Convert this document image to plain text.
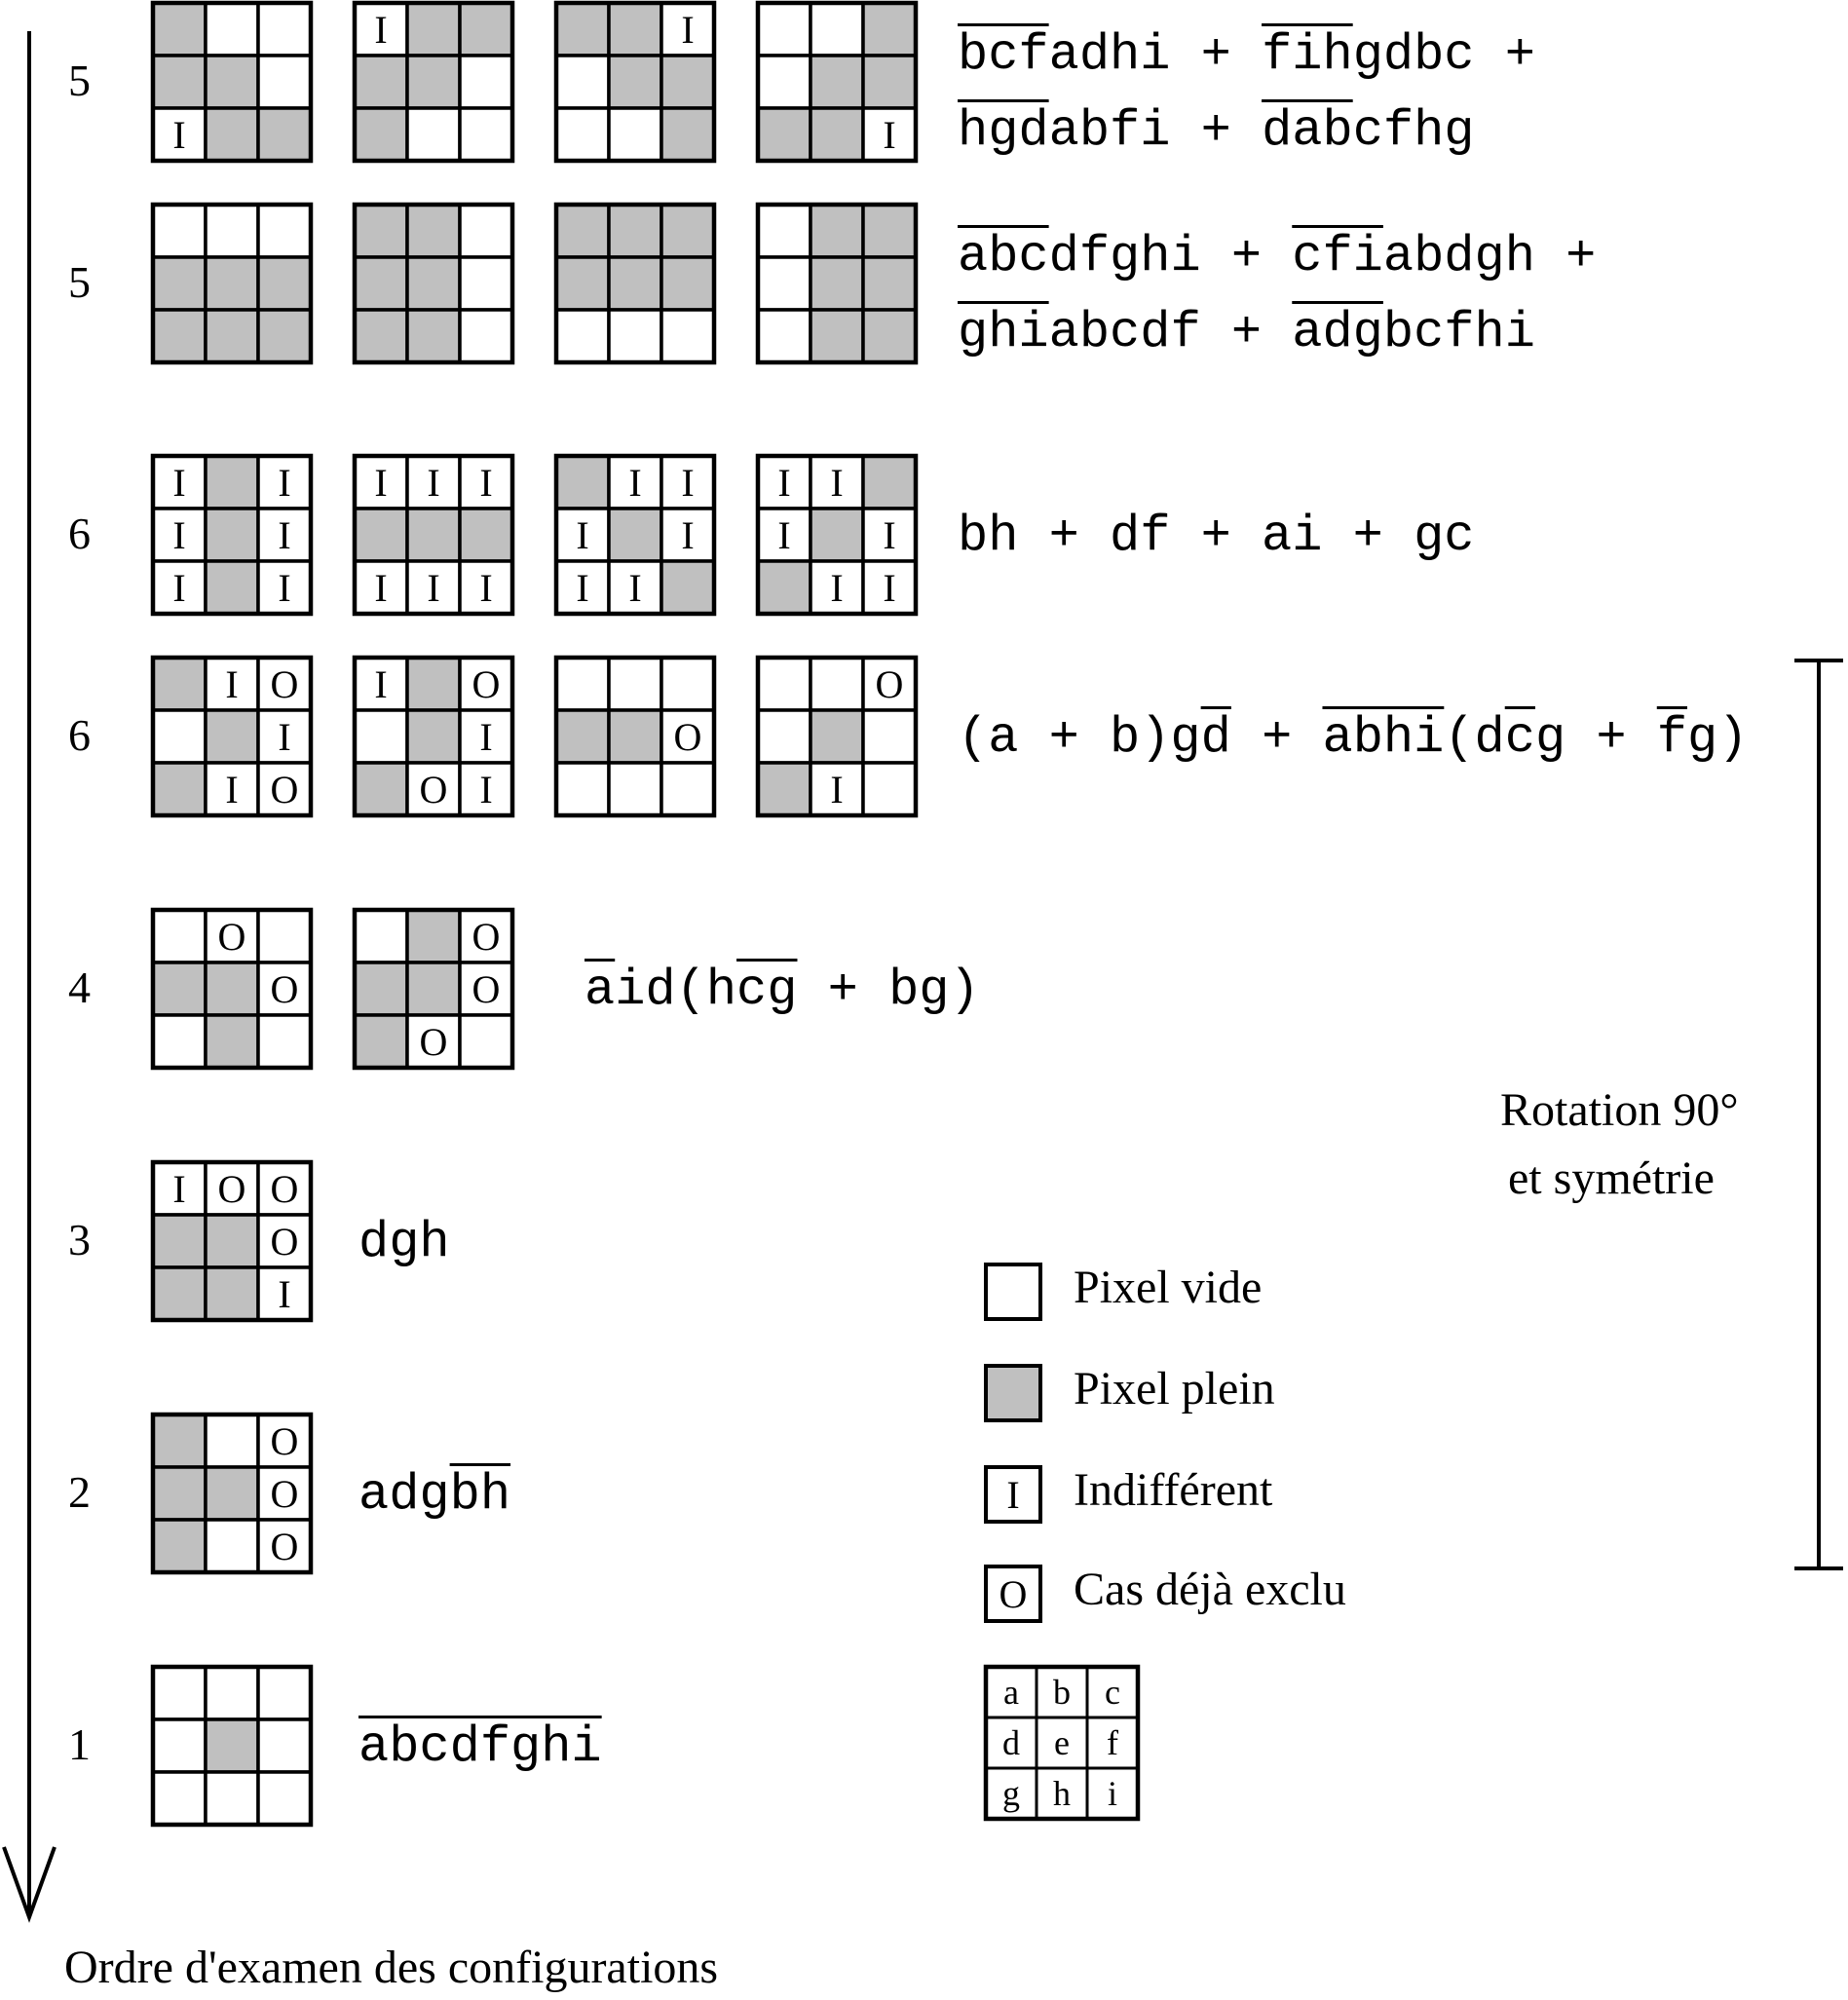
I
I	I
I
I I
I I
I I
I I I
I I I
I I
I I
I I
I I
I I
I I
I O
I
I O
I O
I
O I
O
O
I
O
O
O
O
O
I O O
O
I
O
O
O
I
O
a b c
d e f
g h i
5
5
6
6
4
3
2
1
$\overline{bcf}adhi$ + $\overline{fih}gdbc$ +
$\overline{hgd}abfi$ + $\overline{dab}cfhg$
$\overline{abc}dfghi$ + $\overline{cfi}abdgh$ +
$\overline{ghi}abcdf$ + $\overline{adg}bcfhi$
bh + df + ai + gc
$(a + b)g\overline{d}$ + $abhi(d\overline{c}g + \overline{f}g)$
$\overline{a}id(h\overline{cg} + bg)$
dgh
$adg\overline{bh}$
abcdfghi
Pixel vide
Pixel plein
Indifférent
Cas déjà exclu
Rotation 90°
et symétrie
Ordre d'examen des configurations
